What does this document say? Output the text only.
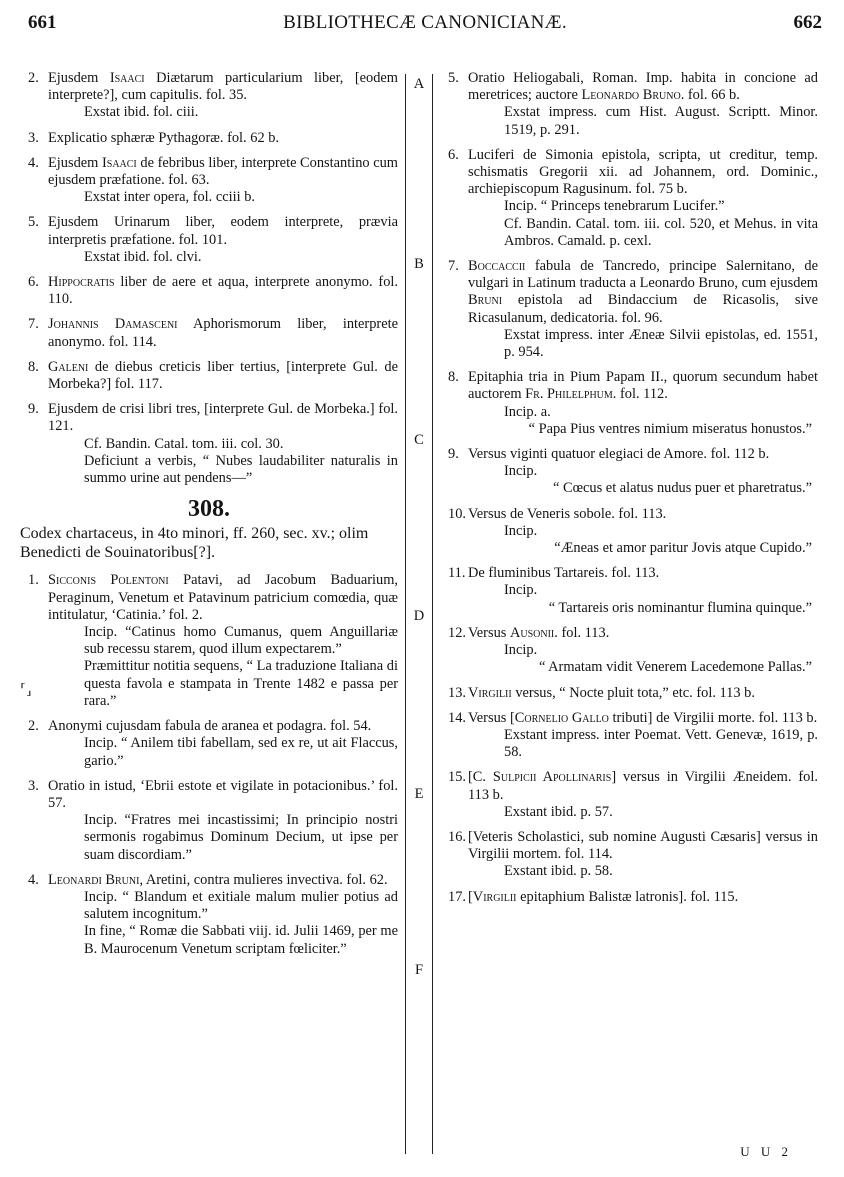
661	BIBLIOTHECÆ CANONICIANÆ.	662
A
B
C
D
E
F
⸢⸥
2. Ejusdem Isaaci Diætarum particularium liber, [eodem interprete?], cum capitulis. fol. 35.
Exstat ibid. fol. ciii.
3. Explicatio sphæræ Pythagoræ. fol. 62 b.
4. Ejusdem Isaaci de febribus liber, interprete Constantino cum ejusdem præfatione. fol. 63.
Exstat inter opera, fol. cciii b.
5. Ejusdem Urinarum liber, eodem interprete, prævia interpretis præfatione. fol. 101.
Exstat ibid. fol. clvi.
6. Hippocratis liber de aere et aqua, interprete anonymo. fol. 110.
7. Johannis Damasceni Aphorismorum liber, interprete anonymo. fol. 114.
8. Galeni de diebus creticis liber tertius, [interprete Gul. de Morbeka?] fol. 117.
9. Ejusdem de crisi libri tres, [interprete Gul. de Morbeka.] fol. 121.
Cf. Bandin. Catal. tom. iii. col. 30.
Deficiunt a verbis, “ Nubes laudabiliter naturalis in summo urine aut pendens—”
308.
Codex chartaceus, in 4to minori, ff. 260, sec. xv.; olim Benedicti de Souinatoribus[?].
1. Sicconis Polentoni Patavi, ad Jacobum Baduarium, Peraginum, Venetum et Patavinum patricium comœdia, quæ intitulatur, ‘Catinia.’ fol. 2.
Incip. “Catinus homo Cumanus, quem Anguillariæ sub recessu starem, quod illum expectarem.”
Præmittitur notitia sequens, “ La traduzione Italiana di questa favola e stampata in Trente 1482 e passa per rara.”
2. Anonymi cujusdam fabula de aranea et podagra. fol. 54.
Incip. “ Anilem tibi fabellam, sed ex re, ut ait Flaccus, gario.”
3. Oratio in istud, ‘Ebrii estote et vigilate in potacionibus.’ fol. 57.
Incip. “Fratres mei incastissimi; In principio nostri sermonis rogabimus Dominum Decium, ut ipse per suam discordiam.”
4. Leonardi Bruni, Aretini, contra mulieres invectiva. fol. 62.
Incip. “ Blandum et exitiale malum mulier potius ad salutem incognitum.”
In fine, “ Romæ die Sabbati viij. id. Julii 1469, per me B. Maurocenum Venetum scriptam fœliciter.”
5. Oratio Heliogabali, Roman. Imp. habita in concione ad meretrices; auctore Leonardo Bruno. fol. 66 b.
Exstat impress. cum Hist. August. Scriptt. Minor. 1519, p. 291.
6. Luciferi de Simonia epistola, scripta, ut creditur, temp. schismatis Gregorii xii. ad Johannem, ord. Dominic., archiepiscopum Ragusinum. fol. 75 b.
Incip. “ Princeps tenebrarum Lucifer.”
Cf. Bandin. Catal. tom. iii. col. 520, et Mehus. in vita Ambros. Camald. p. cexl.
7. Boccaccii fabula de Tancredo, principe Salernitano, de vulgari in Latinum traducta a Leonardo Bruno, cum ejusdem Bruni epistola ad Bindaccium de Ricasolis, sive Ricasulanum, dedicatoria. fol. 96.
Exstat impress. inter Æneæ Silvii epistolas, ed. 1551, p. 954.
8. Epitaphia tria in Pium Papam II., quorum secundum habet auctorem Fr. Philelphum. fol. 112.
Incip. a.
“ Papa Pius ventres nimium miseratus honustos.”
9. Versus viginti quatuor elegiaci de Amore. fol. 112 b.
Incip.
“ Cœcus et alatus nudus puer et pharetratus.”
10. Versus de Veneris sobole. fol. 113.
Incip.
“Æneas et amor paritur Jovis atque Cupido.”
11. De fluminibus Tartareis. fol. 113.
Incip.
“ Tartareis oris nominantur flumina quinque.”
12. Versus Ausonii. fol. 113.
Incip.
“ Armatam vidit Venerem Lacedemone Pallas.”
13. Virgilii versus, “ Nocte pluit tota,” etc. fol. 113 b.
14. Versus [Cornelio Gallo tributi] de Virgilii morte. fol. 113 b.
Exstant impress. inter Poemat. Vett. Genevæ, 1619, p. 58.
15. [C. Sulpicii Apollinaris] versus in Virgilii Æneidem. fol. 113 b.
Exstant ibid. p. 57.
16. [Veteris Scholastici, sub nomine Augusti Cæsaris] versus in Virgilii mortem. fol. 114.
Exstant ibid. p. 58.
17. [Virgilii epitaphium Balistæ latronis]. fol. 115.
U U 2
